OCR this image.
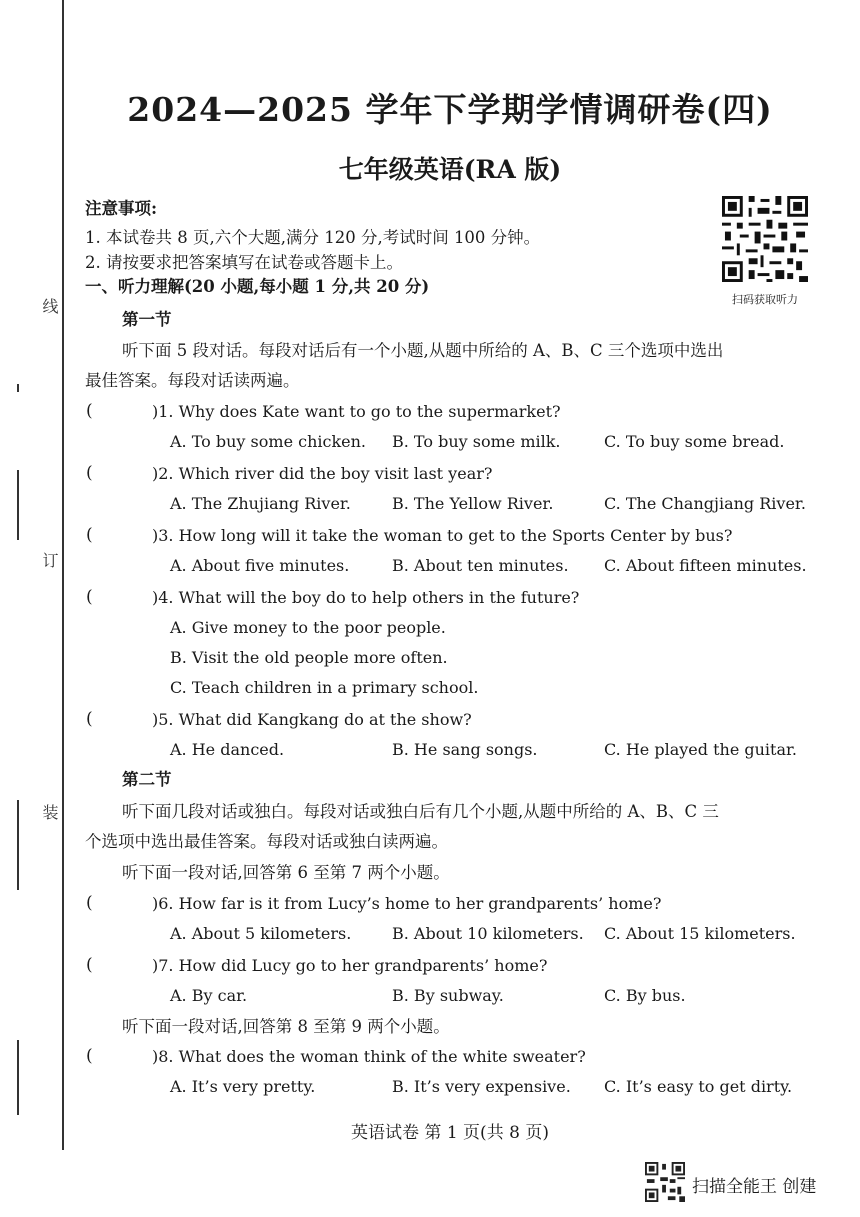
线
订
装
2024—2025 学年下学期学情调研卷(四)
七年级英语(RA 版)
注意事项:
1. 本试卷共 8 页,六个大题,满分 120 分,考试时间 100 分钟。
2. 请按要求把答案填写在试卷或答题卡上。
扫码获取听力
一、听力理解(20 小题,每小题 1 分,共 20 分)
第一节
听下面 5 段对话。每段对话后有一个小题,从题中所给的 A、B、C 三个选项中选出
最佳答案。每段对话读两遍。
(	)1. Why does Kate want to go to the supermarket?
A. To buy some chicken. B. To buy some milk.	C. To buy some bread.
(	)2. Which river did the boy visit last year?
A. The Zhujiang River.	B. The Yellow River.	C. The Changjiang River.
(	)3. How long will it take the woman to get to the Sports Center by bus?
A. About five minutes.	B. About ten minutes. C. About fifteen minutes.
(	)4. What will the boy do to help others in the future?
A. Give money to the poor people.
B. Visit the old people more often.
C. Teach children in a primary school.
(	)5. What did Kangkang do at the show?
A. He danced.	B. He sang songs.	C. He played the guitar.
第二节
听下面几段对话或独白。每段对话或独白后有几个小题,从题中所给的 A、B、C 三
个选项中选出最佳答案。每段对话或独白读两遍。
听下面一段对话,回答第 6 至第 7 两个小题。
(	)6. How far is it from Lucy’s home to her grandparents’ home?
A. About 5 kilometers.	B. About 10 kilometers. C. About 15 kilometers.
(	)7. How did Lucy go to her grandparents’ home?
A. By car.	B. By subway.	C. By bus.
听下面一段对话,回答第 8 至第 9 两个小题。
(	)8. What does the woman think of the white sweater?
A. It’s very pretty.	B. It’s very expensive. C. It’s easy to get dirty.
英语试卷 第 1 页(共 8 页)
扫描全能王 创建
